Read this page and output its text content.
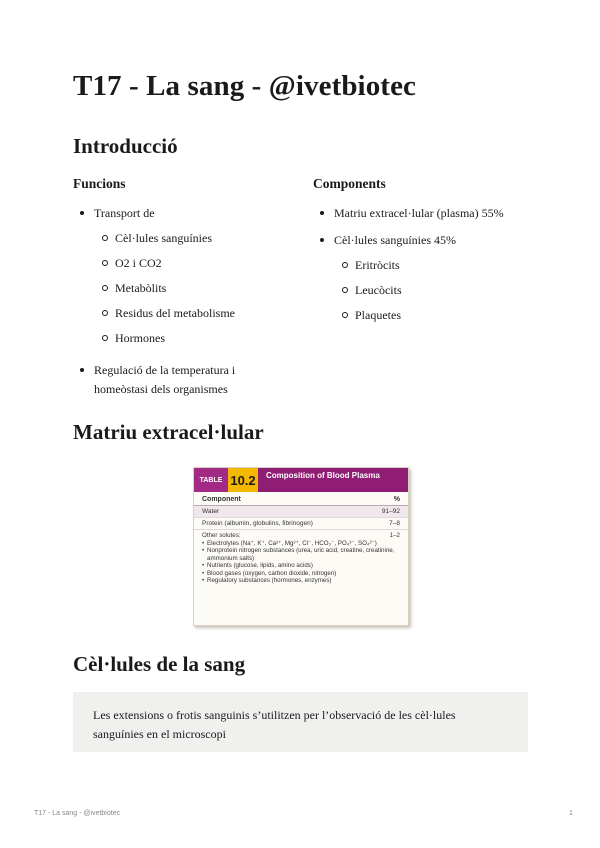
T17 - La sang - @ivetbiotec
Introducció
Funcions
Transport de
Cèl·lules sanguínies
O2 i CO2
Metabòlits
Residus del metabolisme
Hormones
Regulació de la temperatura i homeòstasi dels organismes
Components
Matriu extracel·lular (plasma) 55%
Cèl·lules sanguínies 45%
Eritròcits
Leucòcits
Plaquetes
Matriu extracel·lular
TABLE 10.2	Composition of Blood Plasma
Component	%
Water	91–92
Protein (albumin, globulins, fibrinogen)	7–8
Other solutes:	1–2
• Electrolytes (Na⁺, K⁺, Ca²⁺, Mg²⁺, Cl⁻, HCO₃⁻, PO₄³⁻, SO₄²⁻)
• Nonprotein nitrogen substances (urea, uric acid, creatine, creatinine, ammonium salts)
• Nutrients (glucose, lipids, amino acids)
• Blood gases (oxygen, carbon dioxide, nitrogen)
• Regulatory substances (hormones, enzymes)
Cèl·lules de la sang
Les extensions o frotis sanguinis s’utilitzen per l’observació de les cèl·lules sanguínies en el microscopi
T17 - La sang - @ivetbiotec	1
